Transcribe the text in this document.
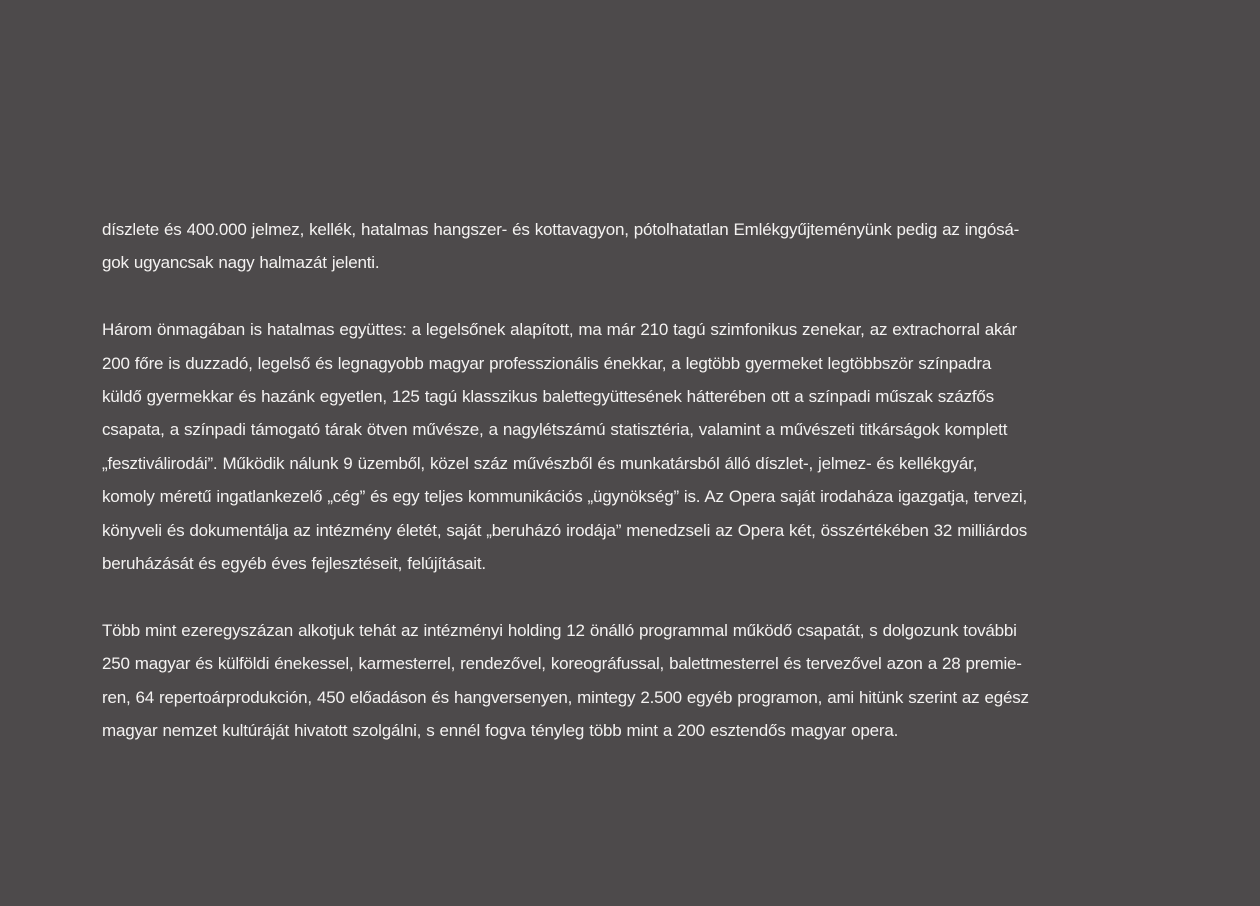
díszlete és 400.000 jelmez, kellék, hatalmas hangszer- és kottavagyon, pótolhatatlan Emlékgyűjteményünk pedig az ingósá-
gok ugyancsak nagy halmazát jelenti.

Három önmagában is hatalmas együttes: a legelsőnek alapított, ma már 210 tagú szimfonikus zenekar, az extrachorral akár
200 főre is duzzadó, legelső és legnagyobb magyar professzionális énekkar, a legtöbb gyermeket legtöbbször színpadra
küldő gyermekkar és hazánk egyetlen, 125 tagú klasszikus balettegyüttesének hátterében ott a színpadi műszak százfős
csapata, a színpadi támogató tárak ötven művésze, a nagylétszámú statisztéria, valamint a művészeti titkárságok komplett
„fesztiválirodái”. Működik nálunk 9 üzemből, közel száz művészből és munkatársból álló díszlet-, jelmez- és kellékgyár,
komoly méretű ingatlankezelő „cég” és egy teljes kommunikációs „ügynökség” is. Az Opera saját irodaháza igazgatja, tervezi,
könyveli és dokumentálja az intézmény életét, saját „beruházó irodája” menedzseli az Opera két, összértékében 32 milliárdos
beruházását és egyéb éves fejlesztéseit, felújításait.

Több mint ezeregyszázan alkotjuk tehát az intézményi holding 12 önálló programmal működő csapatát, s dolgozunk további
250 magyar és külföldi énekessel, karmesterrel, rendezővel, koreográfussal, balettmesterrel és tervezővel azon a 28 premie-
ren, 64 repertoárprodukción, 450 előadáson és hangversenyen, mintegy 2.500 egyéb programon, ami hitünk szerint az egész
magyar nemzet kultúráját hivatott szolgálni, s ennél fogva tényleg több mint a 200 esztendős magyar opera.
